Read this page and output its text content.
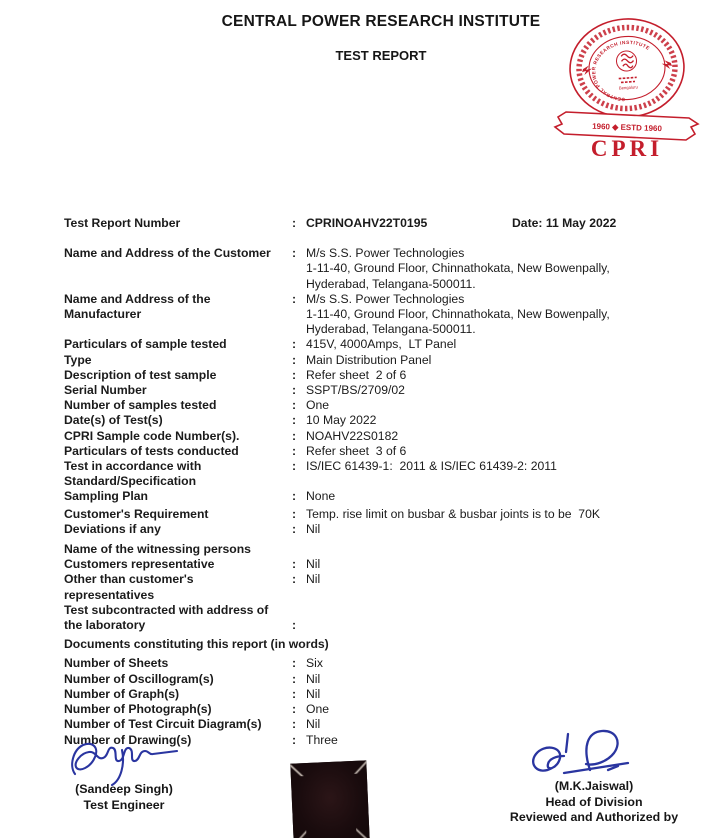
CENTRAL POWER RESEARCH INSTITUTE
TEST REPORT
CENTRAL POWER RESEARCH INSTITUTE
Bengaluru
1960 ◆ ESTD 1960
CPRI
Test Report Number	: CPRINOAHV22T0195	Date: 11 May 2022
Name and Address of the Customer	: M/s S.S. Power Technologies
1-11-40, Ground Floor, Chinnathokata, New Bowenpally,
Hyderabad, Telangana-500011.
Name and Address of the
Manufacturer
: M/s S.S. Power Technologies
1-11-40, Ground Floor, Chinnathokata, New Bowenpally,
Hyderabad, Telangana-500011.
Particulars of sample tested	: 415V, 4000Amps,  LT Panel
Type	: Main Distribution Panel
Description of test sample	: Refer sheet  2 of 6
Serial Number	: SSPT/BS/2709/02
Number of samples tested	: One
Date(s) of Test(s)	: 10 May 2022
CPRI Sample code Number(s).	: NOAHV22S0182
Particulars of tests conducted	: Refer sheet  3 of 6
Test in accordance with
Standard/Specification
: IS/IEC 61439-1:  2011 & IS/IEC 61439-2: 2011
Sampling Plan	: None
Customer's Requirement	: Temp. rise limit on busbar & busbar joints is to be  70K
Deviations if any	: Nil
Name of the witnessing persons
Customers representative	: Nil
Other than customer's
representatives
: Nil
Test subcontracted with address of
the laboratory	:
Documents constituting this report (in words)
Number of Sheets	: Six
Number of Oscillogram(s)	: Nil
Number of Graph(s)	: Nil
Number of Photograph(s)	: One
Number of Test Circuit Diagram(s)	: Nil
Number of Drawing(s)	: Three
(Sandeep Singh)
Test Engineer
(M.K.Jaiswal)
Head of Division
Reviewed and Authorized by
